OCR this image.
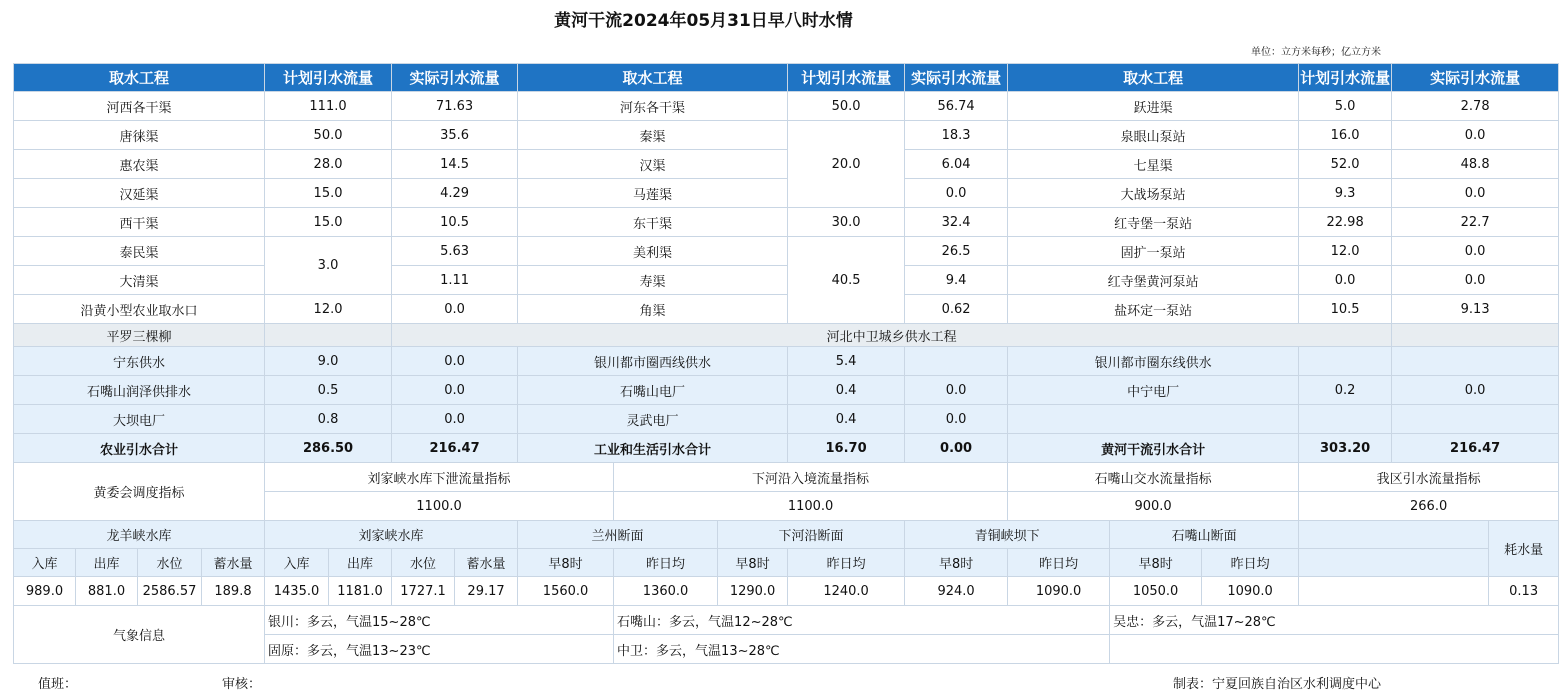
黄河干流2024年05月31日早八时水情
单位：立方米每秒；亿立方米
取水工程				计划引水流量		实际引水流量		取水工程			计划引水流量	实际引水流量	取水工程			计划引水流量	实际引水流量	
河西各干渠				111.0		71.63		河东各干渠			50.0	56.74	跃进渠			5.0	2.78	
唐徕渠				50.0		35.6		秦渠			20.0	18.3	泉眼山泵站			16.0	0.0	
惠农渠				28.0		14.5		汉渠				6.04	七星渠			52.0	48.8	
汉延渠				15.0		4.29		马莲渠				0.0	大战场泵站			9.3	0.0	
西干渠				15.0		10.5		东干渠			30.0	32.4	红寺堡一泵站			22.98	22.7	
泰民渠				3.0		5.63		美利渠			40.5	26.5	固扩一泵站			12.0	0.0	
大清渠						1.11		寿渠				9.4	红寺堡黄河泵站			0.0	0.0	
沿黄小型农业取水口				12.0		0.0		角渠				0.62	盐环定一泵站			10.5	9.13	
平罗三棵柳						河北中卫城乡供水工程												
宁东供水				9.0		0.0		银川都市圈西线供水			5.4		银川都市圈东线供水					
石嘴山润泽供排水				0.5		0.0		石嘴山电厂			0.4	0.0	中宁电厂			0.2	0.0	
大坝电厂				0.8		0.0		灵武电厂			0.4	0.0						
农业引水合计				286.50		216.47		工业和生活引水合计			16.70	0.00	黄河干流引水合计			303.20	216.47	
黄委会调度指标				刘家峡水库下泄流量指标					下河沿入境流量指标				石嘴山交水流量指标			我区引水流量指标		
				1100.0					1100.0				900.0			266.0		
龙羊峡水库				刘家峡水库				兰州断面		下河沿断面		青铜峡坝下		石嘴山断面				耗水量
入库	出库	水位	蓄水量	入库	出库	水位	蓄水量	早8时	昨日均	早8时	昨日均	早8时	昨日均	早8时	昨日均			
989.0	881.0	2586.57	189.8	1435.0	1181.0	1727.1	29.17	1560.0	1360.0	1290.0	1240.0	924.0	1090.0	1050.0	1090.0			0.13
气象信息				银川：多云，气温15~28℃					石嘴山：多云，气温12~28℃					吴忠：多云，气温17~28℃				
				固原：多云，气温13~23℃					中卫：多云，气温13~28℃									
值班：	审核：	制表：宁夏回族自治区水利调度中心
